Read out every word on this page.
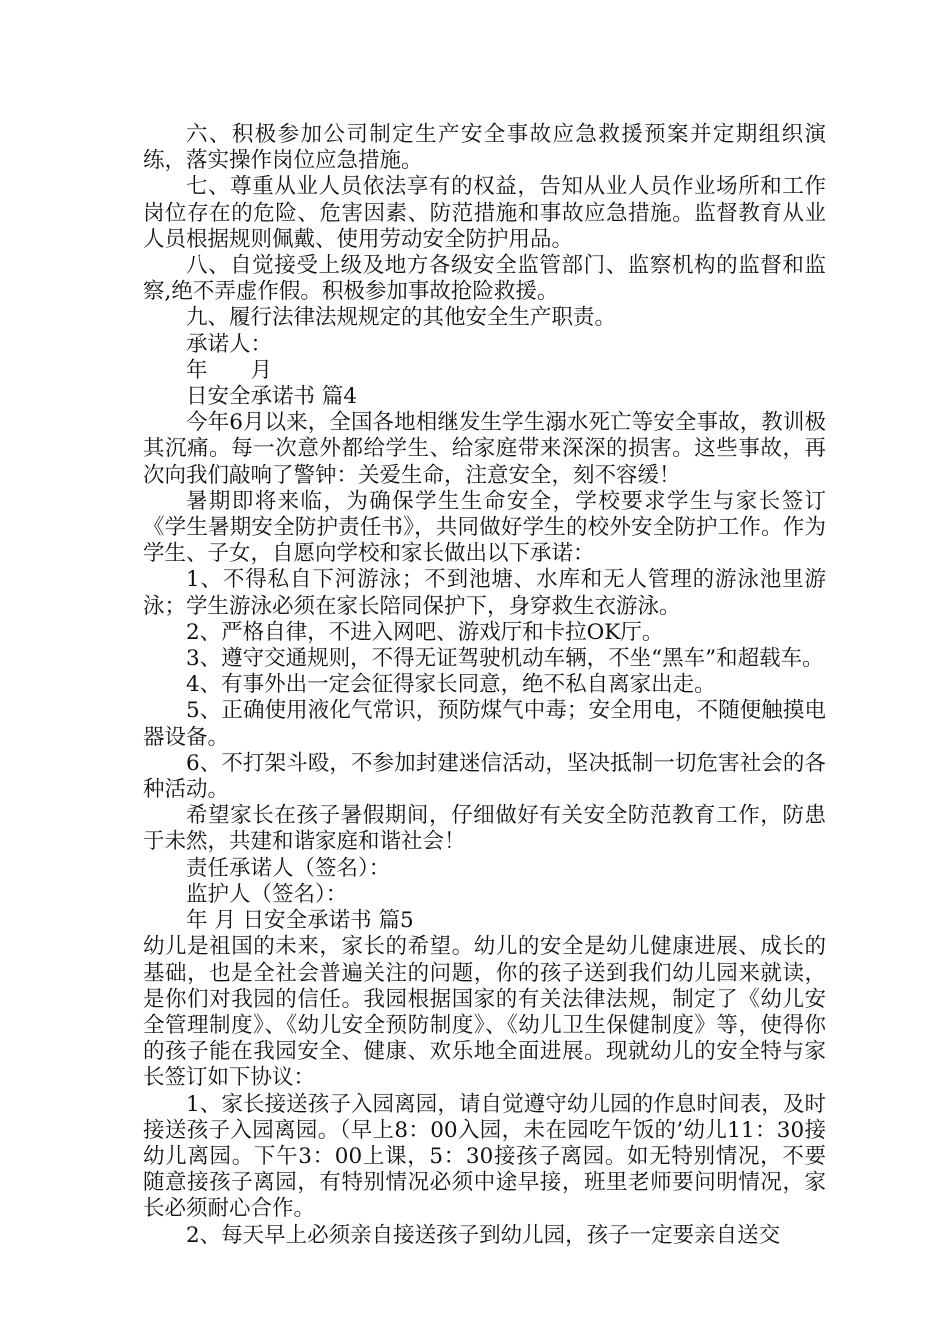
六、积极参加公司制定生产安全事故应急救援预案并定期组织演练，落实操作岗位应急措施。

七、尊重从业人员依法享有的权益，告知从业人员作业场所和工作岗位存在的危险、危害因素、防范措施和事故应急措施。监督教育从业人员根据规则佩戴、使用劳动安全防护用品。

八、自觉接受上级及地方各级安全监管部门、监察机构的监督和监察,绝不弄虚作假。积极参加事故抢险救援。

九、履行法律法规规定的其他安全生产职责。

承诺人：

年　　月

日安全承诺书 篇4

今年6月以来，全国各地相继发生学生溺水死亡等安全事故，教训极其沉痛。每一次意外都给学生、给家庭带来深深的损害。这些事故，再次向我们敲响了警钟：关爱生命，注意安全，刻不容缓！

暑期即将来临，为确保学生生命安全，学校要求学生与家长签订《学生暑期安全防护责任书》，共同做好学生的校外安全防护工作。作为学生、子女，自愿向学校和家长做出以下承诺：

1、不得私自下河游泳；不到池塘、水库和无人管理的游泳池里游泳；学生游泳必须在家长陪同保护下，身穿救生衣游泳。

2、严格自律，不进入网吧、游戏厅和卡拉OK厅。

3、遵守交通规则，不得无证驾驶机动车辆，不坐“黑车”和超载车。

4、有事外出一定会征得家长同意，绝不私自离家出走。

5、正确使用液化气常识，预防煤气中毒；安全用电，不随便触摸电器设备。

6、不打架斗殴，不参加封建迷信活动，坚决抵制一切危害社会的各种活动。

希望家长在孩子暑假期间，仔细做好有关安全防范教育工作，防患于未然，共建和谐家庭和谐社会！

责任承诺人（签名）：

监护人（签名）：

年 月 日安全承诺书 篇5

幼儿是祖国的未来，家长的希望。幼儿的安全是幼儿健康进展、成长的基础，也是全社会普遍关注的问题，你的孩子送到我们幼儿园来就读，是你们对我园的信任。我园根据国家的有关法律法规，制定了《幼儿安全管理制度》、《幼儿安全预防制度》、《幼儿卫生保健制度》等，使得你的孩子能在我园安全、健康、欢乐地全面进展。现就幼儿的安全特与家长签订如下协议：

1、家长接送孩子入园离园，请自觉遵守幼儿园的作息时间表，及时接送孩子入园离园。（早上8：00入园，未在园吃午饭的’幼儿11：30接幼儿离园。下午3：00上课，5：30接孩子离园。如无特别情况，不要随意接孩子离园，有特别情况必须中途早接，班里老师要问明情况，家长必须耐心合作。

2、每天早上必须亲自接送孩子到幼儿园，孩子一定要亲自送交
